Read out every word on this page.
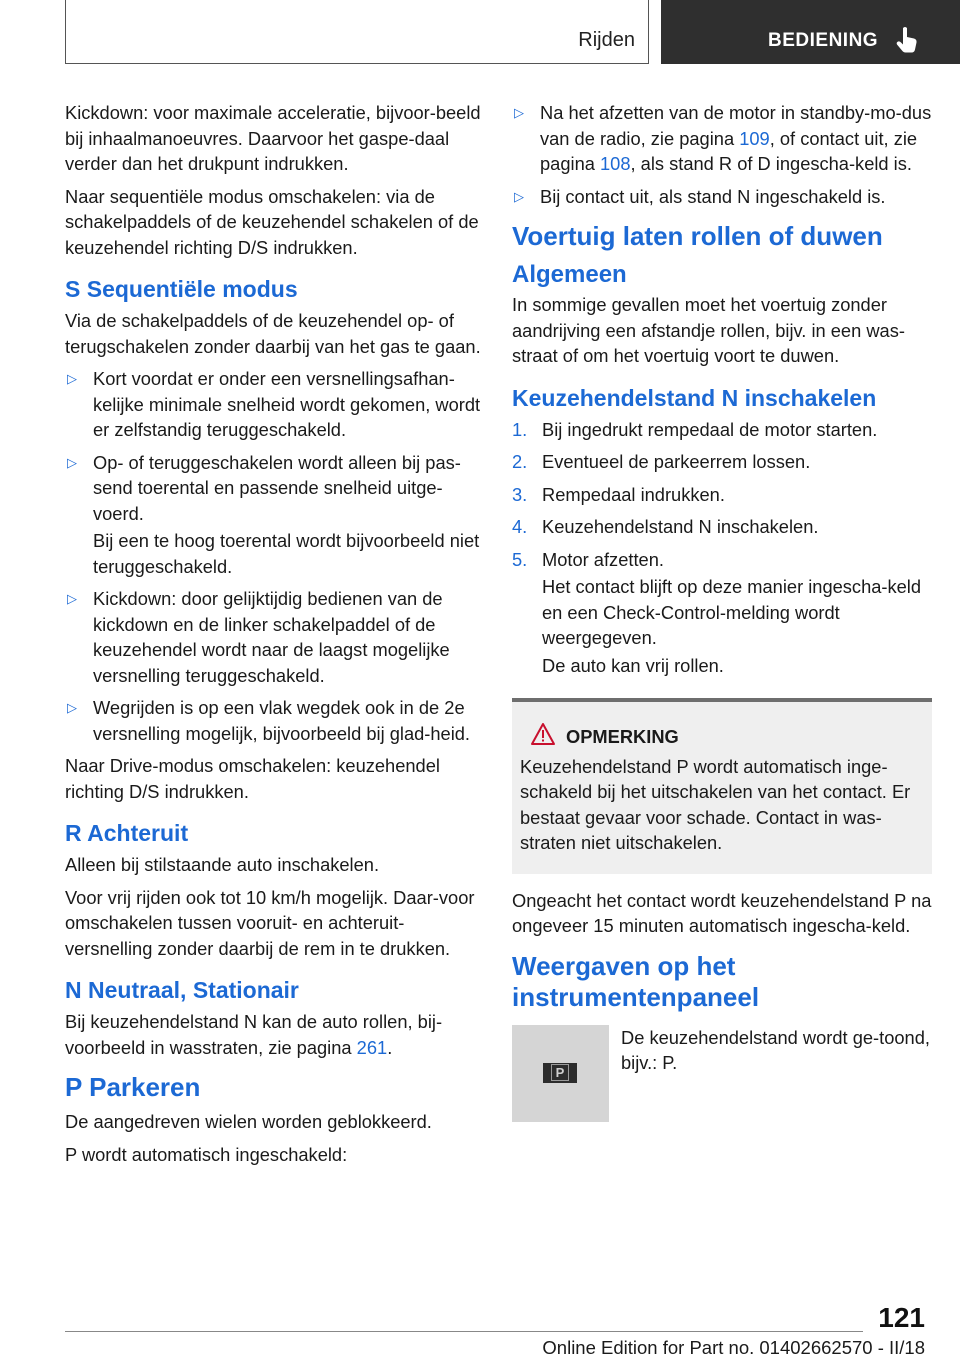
Rijden	BEDIENING

Kickdown: voor maximale acceleratie, bijvoor-beeld bij inhaalmanoeuvres. Daarvoor het gaspe-daal verder dan het drukpunt indrukken.

Naar sequentiële modus omschakelen: via de schakelpaddels of de keuzehendel schakelen of de keuzehendel richting D/S indrukken.

S Sequentiële modus

Via de schakelpaddels of de keuzehendel op- of terugschakelen zonder daarbij van het gas te gaan.

▷ Kort voordat er onder een versnellingsafhan-kelijke minimale snelheid wordt gekomen, wordt er zelfstandig teruggeschakeld.
▷ Op- of teruggeschakelen wordt alleen bij pas-send toerental en passende snelheid uitge-voerd.
Bij een te hoog toerental wordt bijvoorbeeld niet teruggeschakeld.
▷ Kickdown: door gelijktijdig bedienen van de kickdown en de linker schakelpaddel of de keuzehendel wordt naar de laagst mogelijke versnelling teruggeschakeld.
▷ Wegrijden is op een vlak wegdek ook in de 2e versnelling mogelijk, bijvoorbeeld bij glad-heid.

Naar Drive-modus omschakelen: keuzehendel richting D/S indrukken.

R Achteruit

Alleen bij stilstaande auto inschakelen.

Voor vrij rijden ook tot 10 km/h mogelijk. Daar-voor omschakelen tussen vooruit- en achteruit-versnelling zonder daarbij de rem in te drukken.

N Neutraal, Stationair

Bij keuzehendelstand N kan de auto rollen, bij-voorbeeld in wasstraten, zie pagina 261.

P Parkeren

De aangedreven wielen worden geblokkeerd.

P wordt automatisch ingeschakeld:

▷ Na het afzetten van de motor in standby-mo-dus van de radio, zie pagina 109, of contact uit, zie pagina 108, als stand R of D ingescha-keld is.
▷ Bij contact uit, als stand N ingeschakeld is.
Voertuig laten rollen of duwen
Algemeen

In sommige gevallen moet het voertuig zonder aandrijving een afstandje rollen, bijv. in een was-straat of om het voertuig voort te duwen.

Keuzehendelstand N inschakelen
1. Bij ingedrukt rempedaal de motor starten.
2. Eventueel de parkeerrem lossen.
3. Rempedaal indrukken.
4. Keuzehendelstand N inschakelen.
5. Motor afzetten.
Het contact blijft op deze manier ingescha-keld en een Check-Control-melding wordt weergegeven.
De auto kan vrij rollen.
OPMERKING
Keuzehendelstand P wordt automatisch inge-schakeld bij het uitschakelen van het contact. Er bestaat gevaar voor schade. Contact in was-straten niet uitschakelen.

Ongeacht het contact wordt keuzehendelstand P na ongeveer 15 minuten automatisch ingescha-keld.

Weergaven op het instrumentenpaneel
P
De keuzehendelstand wordt ge-toond, bijv.: P.
121
Online Edition for Part no. 01402662570 - II/18
